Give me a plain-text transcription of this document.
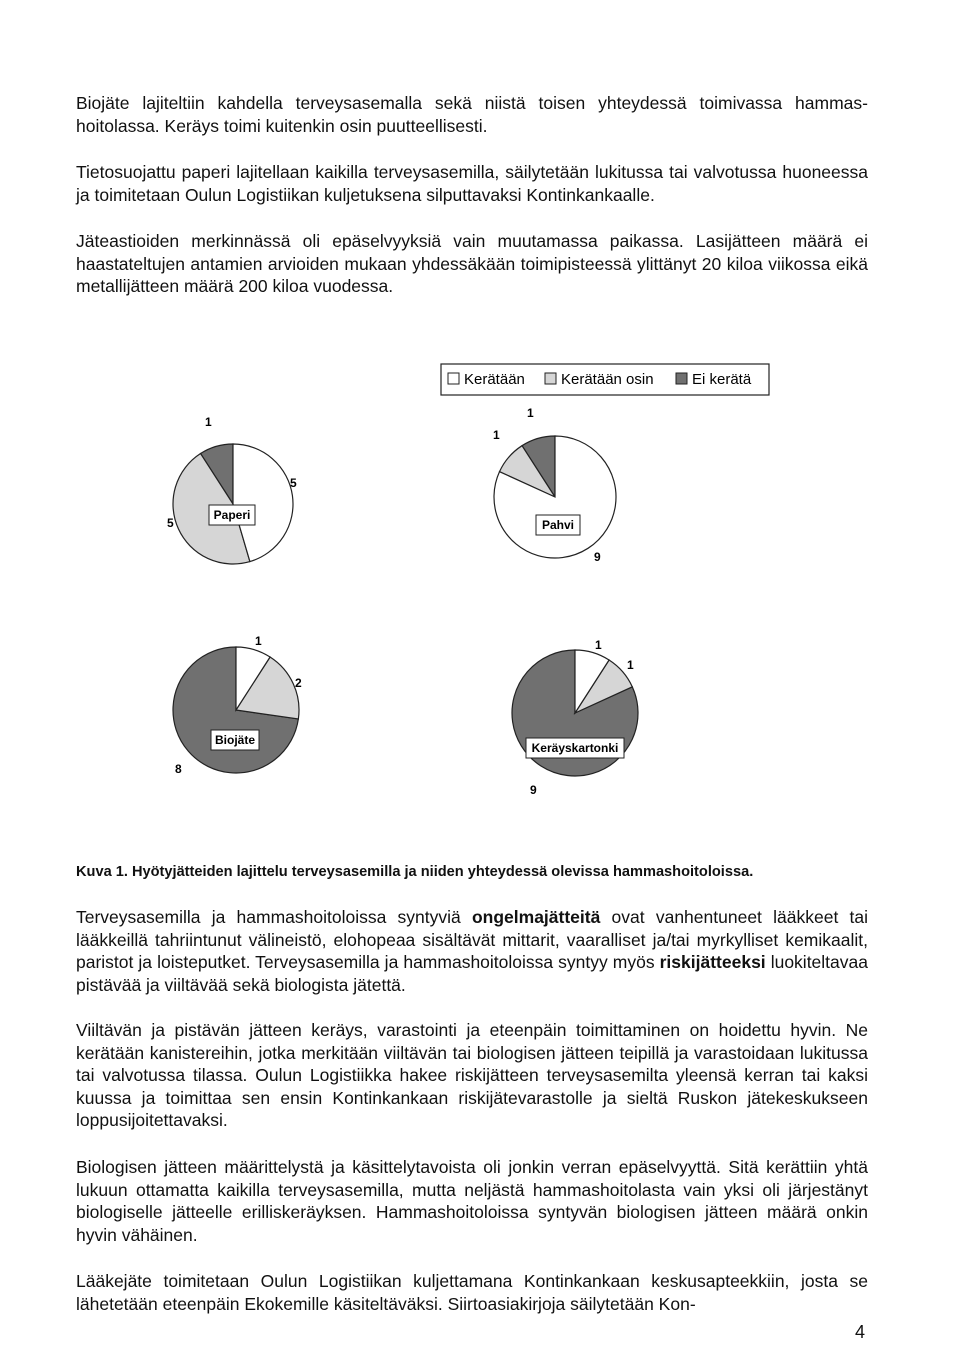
Biojäte lajiteltiin kahdella terveysasemalla sekä niistä toisen yhteydessä toimivassa hammas-hoitolassa. Keräys toimi kuitenkin osin puutteellisesti.

Tietosuojattu paperi lajitellaan kaikilla terveysasemilla, säilytetään lukitussa tai valvotussa huoneessa ja toimitetaan Oulun Logistiikan kuljetuksena silputtavaksi Kontinkankaalle.

Jäteastioiden merkinnässä oli epäselvyyksiä vain muutamassa paikassa. Lasijätteen määrä ei haastateltujen antamien arvioiden mukaan yhdessäkään toimipisteessä ylittänyt 20 kiloa viikossa eikä metallijätteen määrä 200 kiloa vuodessa.

Kerätään Kerätään osin	Ei kerätä
5
5
1
Paperi
9
1
1
Pahvi
1
2
8
Biojäte
1
1
9
Keräyskartonki
Kuva 1. Hyötyjätteiden lajittelu terveysasemilla ja niiden yhteydessä olevissa hammashoitoloissa.

Terveysasemilla ja hammashoitoloissa syntyviä ongelmajätteitä ovat vanhentuneet lääkkeet tai lääkkeillä tahriintunut välineistö, elohopeaa sisältävät mittarit, vaaralliset ja/tai myrkylliset kemikaalit, paristot ja loisteputket. Terveysasemilla ja hammashoitoloissa syntyy myös riskijätteeksi luokiteltavaa pistävää ja viiltävää sekä biologista jätettä.

Viiltävän ja pistävän jätteen keräys, varastointi ja eteenpäin toimittaminen on hoidettu hyvin. Ne kerätään kanistereihin, jotka merkitään viiltävän tai biologisen jätteen teipillä ja varastoidaan lukitussa tai valvotussa tilassa. Oulun Logistiikka hakee riskijätteen terveysasemilta yleensä kerran tai kaksi kuussa ja toimittaa sen ensin Kontinkankaan riskijätevarastolle ja sieltä Ruskon jätekeskukseen loppusijoitettavaksi.

Biologisen jätteen määrittelystä ja käsittelytavoista oli jonkin verran epäselvyyttä. Sitä kerättiin yhtä lukuun ottamatta kaikilla terveysasemilla, mutta neljästä hammashoitolasta vain yksi oli järjestänyt biologiselle jätteelle erilliskeräyksen. Hammashoitoloissa syntyvän biologisen jätteen määrä onkin hyvin vähäinen.

Lääkejäte toimitetaan Oulun Logistiikan kuljettamana Kontinkankaan keskusapteekkiin, josta se lähetetään eteenpäin Ekokemille käsiteltäväksi. Siirtoasiakirjoja säilytetään Kon-

4
